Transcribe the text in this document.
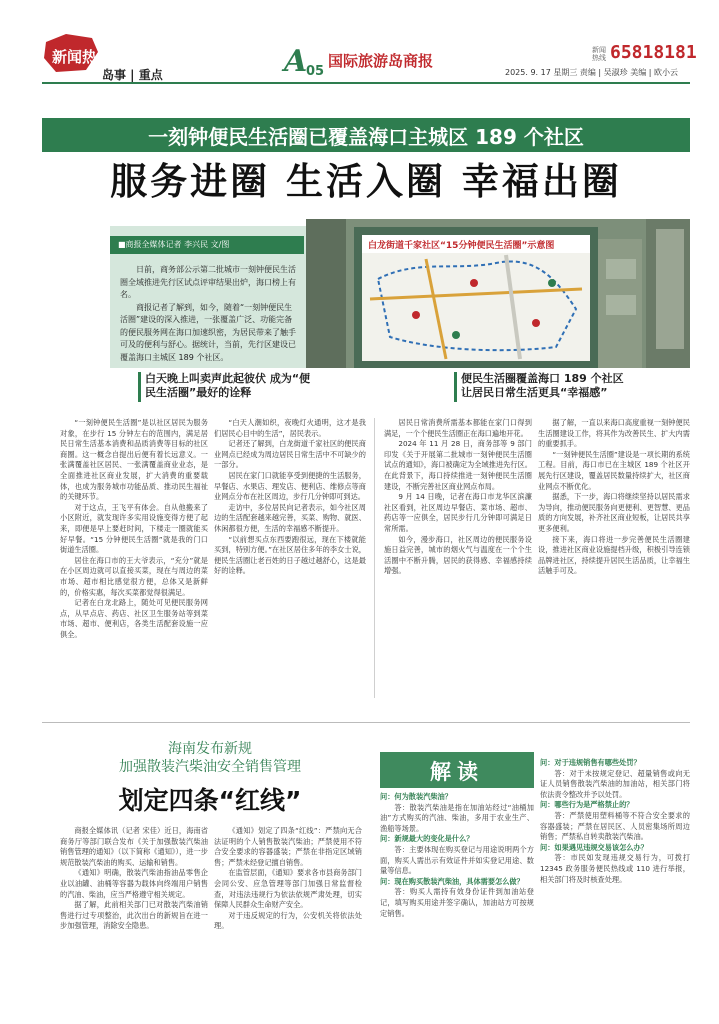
新闻热读
岛事 | 重点	A
05
国际旅游岛商报
新闻热线 65818181
2025. 9. 17 星期三 责编 | 吴淑珍 美编 | 欧小云
一刻钟便民生活圈已覆盖海口主城区 189 个社区
服务进圈 生活入圈 幸福出圈
■商报全媒体记者 李兴民 文/图
日前，商务部公示第二批城市一刻钟便民生活圈全域推进先行区试点评审结果出炉，海口榜上有名。
商报记者了解到，如今，随着“一刻钟便民生活圈”建设的深入推进，一张覆盖广泛、功能完备的便民服务网在海口加速织密，为居民带来了触手可及的便利与舒心。据统计，当前，先行区建设已覆盖海口主城区 189 个社区。
白龙街道千家社区“15分钟便民生活圈”示意图
白天晚上叫卖声此起彼伏 成为“便民生活圈”最好的诠释
便民生活圈覆盖海口 189 个社区 让居民日常生活更具“幸福感”

“一刻钟便民生活圈”是以社区居民为服务对象，在步行 15 分钟左右的范围内，满足居民日常生活基本消费和品质消费等目标的社区商圈。这一概念自提出后便有着长远意义。一张满覆盖社区居民、一张满覆盖商业业态，是全面推进社区商业发展，扩大消费的重要载体，也成为服务城市功能品质、推动民生福祉的关键环节。

对于这点，王飞平有体会。自从他搬来了小区附近，就发现许多实用设施变得方便了起来，即便是早上要赶时间，下楼走一圈就能买好早餐。“15 分钟便民生活圈”就是我的门口街道生活圈。

居住在海口市的王大爷表示，“充分”就是在小区周边就可以直接买菜，现在与周边的菜市场、超市相比感觉很方便，总体又是新鲜的，价格实惠，每次买菜都觉得很满足。

记者在白龙北路上，随处可见便民服务网点，从早点店、药店、社区卫生服务站等到菜市场、超市、便利店，各类生活配套设施一应俱全。

“白天人潮如织，夜晚灯火通明，这才是我们居民心目中的生活”，居民表示。

记者还了解到，白龙街道千家社区的便民商业网点已经成为周边居民日常生活中不可缺少的一部分。

居民在家门口就能享受到便捷的生活服务，早餐店、水果店、理发店、便利店、维修点等商业网点分布在社区周边，步行几分钟即可到达。

走访中，多位居民向记者表示，如今社区周边的生活配套越来越完善，买菜、购物、就医、休闲都很方便，生活的幸福感不断提升。

“以前想买点东西要跑很远，现在下楼就能买到，特别方便。”在社区居住多年的李女士说，便民生活圈让老百姓的日子越过越舒心，这是最好的诠释。

居民日常消费所需基本都能在家门口得到满足，一个个便民生活圈正在海口遍地开花。

2024 年 11 月 28 日，商务部等 9 部门印发《关于开展第二批城市一刻钟便民生活圈试点的通知》，海口被确定为全域推进先行区。在此背景下，海口持续推进一刻钟便民生活圈建设，不断完善社区商业网点布局。

9 月 14 日晚，记者在海口市龙华区滨濂社区看到，社区周边早餐店、菜市场、超市、药店等一应俱全，居民步行几分钟即可满足日常所需。

如今，漫步海口，社区周边的便民服务设施日益完善，城市的烟火气与温度在一个个生活圈中不断升腾，居民的获得感、幸福感持续增强。

据了解，一直以来海口高度重视一刻钟便民生活圈建设工作，将其作为改善民生、扩大内需的重要抓手。

“一刻钟便民生活圈”建设是一项长期的系统工程。目前，海口市已在主城区 189 个社区开展先行区建设，覆盖居民数量持续扩大，社区商业网点不断优化。

据悉，下一步，海口将继续坚持以居民需求为导向，推动便民服务向更便利、更智慧、更品质的方向发展，补齐社区商业短板，让居民共享更多便利。

接下来，海口将进一步完善便民生活圈建设，推进社区商业设施提档升级，积极引导连锁品牌进社区，持续提升居民生活品质，让幸福生活触手可及。

海南发布新规
加强散装汽柴油安全销售管理
划定四条“红线”

商报全媒体讯（记者 宋佳）近日，海南省商务厅等部门联合发布《关于加强散装汽柴油销售管理的通知》（以下简称《通知》），进一步规范散装汽柴油的购买、运输和销售。

《通知》明确，散装汽柴油指油品零售企业以油罐、油桶等容器为载体向终端用户销售的汽油、柴油，应当严格遵守相关规定。

据了解，此前相关部门已对散装汽柴油销售进行过专项整治，此次出台的新规旨在进一步加强管理，消除安全隐患。

《通知》划定了四条“红线”：严禁向无合法证明的个人销售散装汽柴油；严禁使用不符合安全要求的容器盛装；严禁在非指定区域销售；严禁未经登记擅自销售。

在监管层面，《通知》要求各市县商务部门会同公安、应急管理等部门加强日常监督检查，对违法违规行为依法依规严肃处理，切实保障人民群众生命财产安全。

对于违反规定的行为，公安机关将依法处理。

解读

问：何为散装汽柴油？

答：散装汽柴油是指在加油站经过“油桶加油”方式购买的汽油、柴油，多用于农业生产、渔船等场景。

问：新规最大的变化是什么？

答：主要体现在购买登记与用途说明两个方面，购买人需出示有效证件并如实登记用途、数量等信息。

问：现在购买散装汽柴油，具体需要怎么做？

答：购买人需持有效身份证件到加油站登记，填写购买用途并签字确认，加油站方可按规定销售。

问：对于违规销售有哪些处罚？

答：对于未按规定登记、超量销售或向无证人员销售散装汽柴油的加油站，相关部门将依法责令整改并予以处罚。

问：哪些行为是严格禁止的？

答：严禁使用塑料桶等不符合安全要求的容器盛装；严禁在居民区、人员密集场所周边销售；严禁私自转卖散装汽柴油。

问：如果遇见违规交易该怎么办？

答：市民如发现违规交易行为，可拨打 12345 政务服务便民热线或 110 进行举报，相关部门将及时核查处理。
